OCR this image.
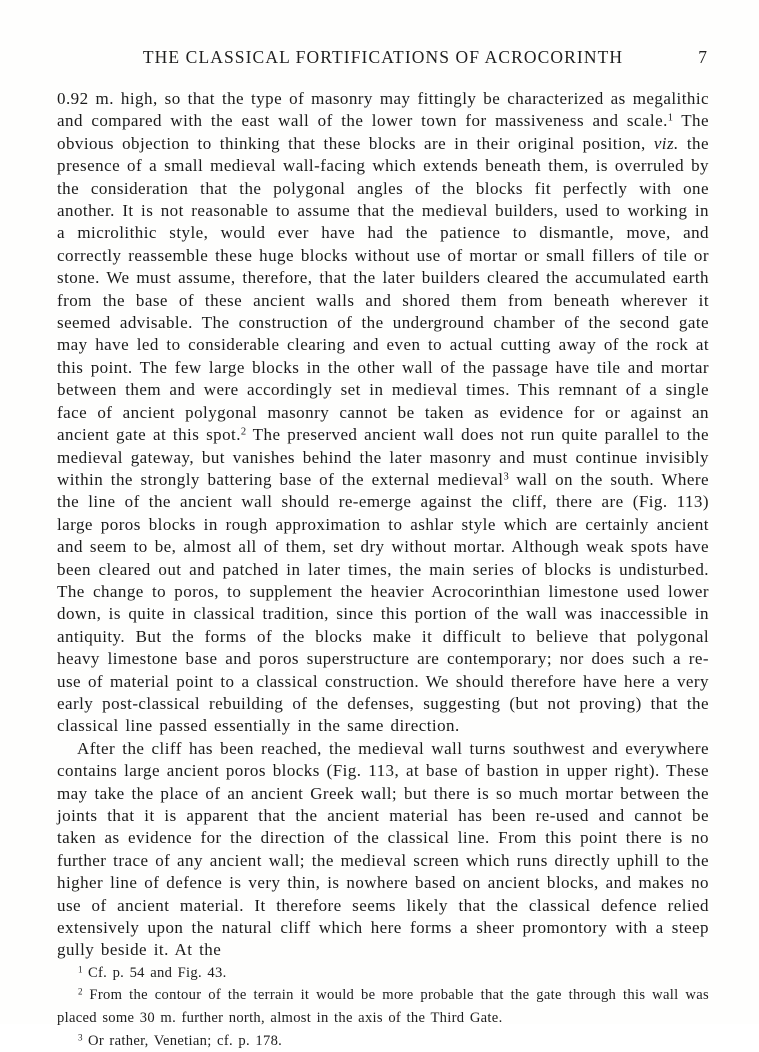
THE CLASSICAL FORTIFICATIONS OF ACROCORINTH	7

0.92 m. high, so that the type of masonry may fittingly be characterized as megalithic and compared with the east wall of the lower town for massiveness and scale.$^1$ The obvious objection to thinking that these blocks are in their original position, viz. the presence of a small medieval wall-facing which extends beneath them, is overruled by the consideration that the polygonal angles of the blocks fit perfectly with one another. It is not reasonable to assume that the medieval builders, used to working in a microlithic style, would ever have had the patience to dismantle, move, and correctly reassemble these huge blocks without use of mortar or small fillers of tile or stone. We must assume, therefore, that the later builders cleared the accumulated earth from the base of these ancient walls and shored them from beneath wherever it seemed advisable. The construction of the underground chamber of the second gate may have led to considerable clearing and even to actual cutting away of the rock at this point. The few large blocks in the other wall of the passage have tile and mortar between them and were accordingly set in medieval times. This remnant of a single face of ancient polygonal masonry cannot be taken as evidence for or against an ancient gate at this spot.$^2$ The preserved ancient wall does not run quite parallel to the medieval gateway, but vanishes behind the later masonry and must continue invisibly within the strongly battering base of the external medieval$^3$ wall on the south. Where the line of the ancient wall should re-emerge against the cliff, there are (Fig. 113) large poros blocks in rough approximation to ashlar style which are certainly ancient and seem to be, almost all of them, set dry without mortar. Although weak spots have been cleared out and patched in later times, the main series of blocks is undisturbed. The change to poros, to supplement the heavier Acrocorinthian limestone used lower down, is quite in classical tradition, since this portion of the wall was inaccessible in antiquity. But the forms of the blocks make it difficult to believe that polygonal heavy limestone base and poros superstructure are contemporary; nor does such a re-use of material point to a classical construction. We should therefore have here a very early post-classical rebuilding of the defenses, suggesting (but not proving) that the classical line passed essentially in the same direction.

After the cliff has been reached, the medieval wall turns southwest and everywhere contains large ancient poros blocks (Fig. 113, at base of bastion in upper right). These may take the place of an ancient Greek wall; but there is so much mortar between the joints that it is apparent that the ancient material has been re-used and cannot be taken as evidence for the direction of the classical line. From this point there is no further trace of any ancient wall; the medieval screen which runs directly uphill to the higher line of defence is very thin, is nowhere based on ancient blocks, and makes no use of ancient material. It therefore seems likely that the classical defence relied extensively upon the natural cliff which here forms a sheer promontory with a steep gully beside it. At the

$^1$ Cf. p. 54 and Fig. 43.

$^2$ From the contour of the terrain it would be more probable that the gate through this wall was placed some 30 m. further north, almost in the axis of the Third Gate.

$^3$ Or rather, Venetian; cf. p. 178.
